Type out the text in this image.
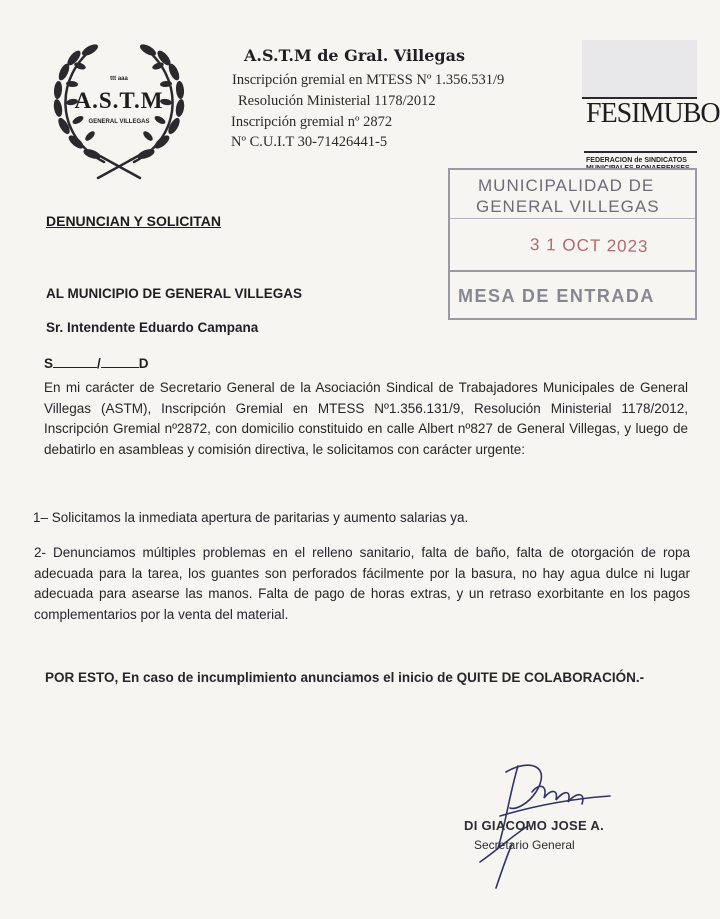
ttt aaa
A.S.T.M
GENERAL VILLEGAS
A.S.T.M de Gral. Villegas
Inscripción gremial en MTESS Nº 1.356.531/9
Resolución Ministerial 1178/2012
Inscripción gremial nº 2872
Nº C.U.I.T 30-71426441-5
FESIMUBO
FEDERACION de SINDICATOS MUNICIPALES BONAERENSES
MUNICIPALIDAD DE
GENERAL VILLEGAS
3 1 OCT 2023
MESA DE ENTRADA
DENUNCIAN Y SOLICITAN
AL MUNICIPIO DE GENERAL VILLEGAS
Sr. Intendente Eduardo Campana
S	/	D
En mi carácter de Secretario General de la Asociación Sindical de Trabajadores Municipales de General Villegas (ASTM), Inscripción Gremial en MTESS Nº1.356.131/9, Resolución Ministerial 1178/2012, Inscripción Gremial nº2872, con domicilio constituido en calle Albert nº827 de General Villegas, y luego de debatirlo en asambleas y comisión directiva, le solicitamos con carácter urgente:
1– Solicitamos la inmediata apertura de paritarias y aumento salarias ya.
2- Denunciamos múltiples problemas en el relleno sanitario, falta de baño, falta de otorgación de ropa adecuada para la tarea, los guantes son perforados fácilmente por la basura, no hay agua dulce ni lugar adecuada para asearse las manos. Falta de pago de horas extras, y un retraso exorbitante en los pagos complementarios por la venta del material.
POR ESTO, En caso de incumplimiento anunciamos el inicio de QUITE DE COLABORACIÓN.-
DI GIACOMO JOSE A.
Secretario General
